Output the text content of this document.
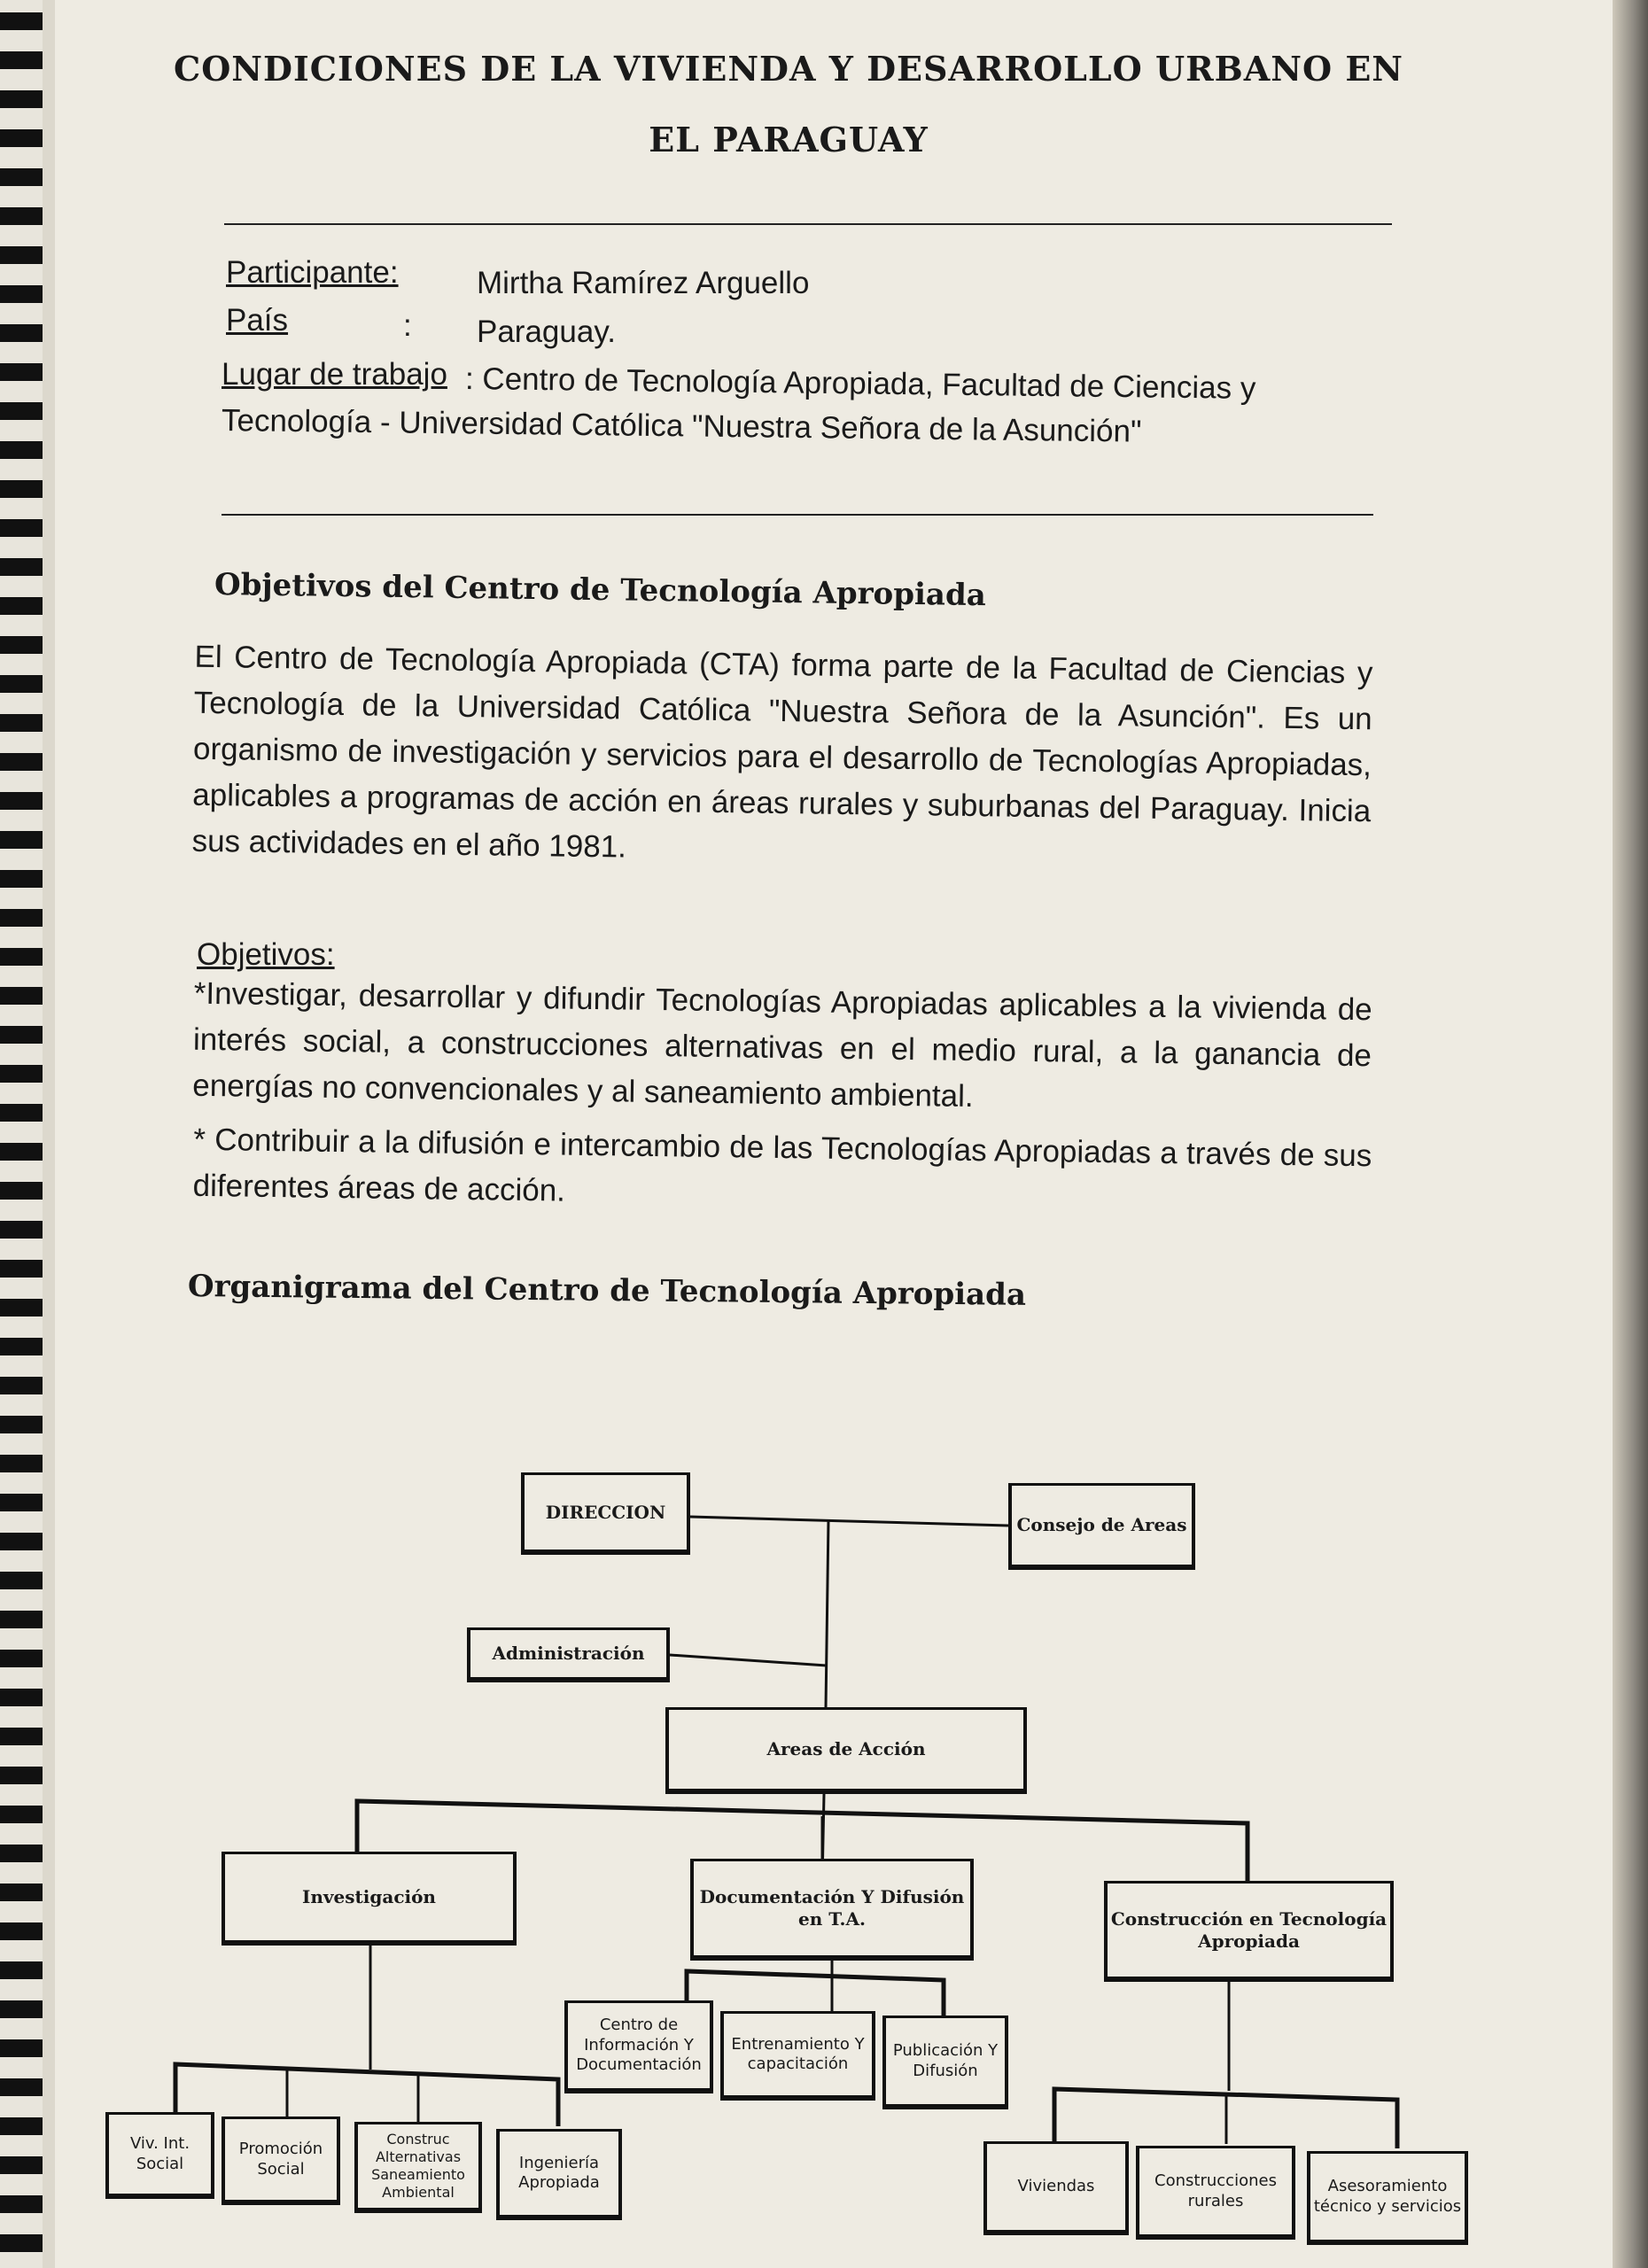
CONDICIONES DE LA VIVIENDA Y DESARROLLO URBANO EN
EL PARAGUAY
Participante:	Mirtha Ramírez Arguello
País	: Paraguay.
Lugar de trabajo : Centro de Tecnología Apropiada, Facultad de Ciencias y
Tecnología - Universidad Católica "Nuestra Señora de la Asunción"
Objetivos del Centro de Tecnología Apropiada
El Centro de Tecnología Apropiada (CTA) forma parte de la Facultad de Ciencias y Tecnología de la Universidad Católica "Nuestra Señora de la Asunción". Es un organismo de investigación y servicios para el desarrollo de Tecnologías Apropiadas, aplicables a programas de acción en áreas rurales y suburbanas del Paraguay. Inicia sus actividades en el año 1981.
Objetivos:
*Investigar, desarrollar y difundir Tecnologías Apropiadas aplicables a la vivienda de interés social, a construcciones alternativas en el medio rural, a la ganancia de energías no convencionales y al saneamiento ambiental.
* Contribuir a la difusión e intercambio de las Tecnologías Apropiadas a través de sus diferentes áreas de acción.
Organigrama del Centro de Tecnología Apropiada
DIRECCION
Consejo de Areas
Administración
Areas de Acción
Investigación	Documentación Y Difusión en T.A.	Construcción en Tecnología Apropiada
Centro de Información Y Documentación
Entrenamiento Y capacitación
Publicación Y Difusión
Viv. Int. Social
Promoción Social
Construc Alternativas Saneamiento Ambiental
Ingeniería Apropiada	Viviendas	Construcciones rurales
Asesoramiento técnico y servicios
